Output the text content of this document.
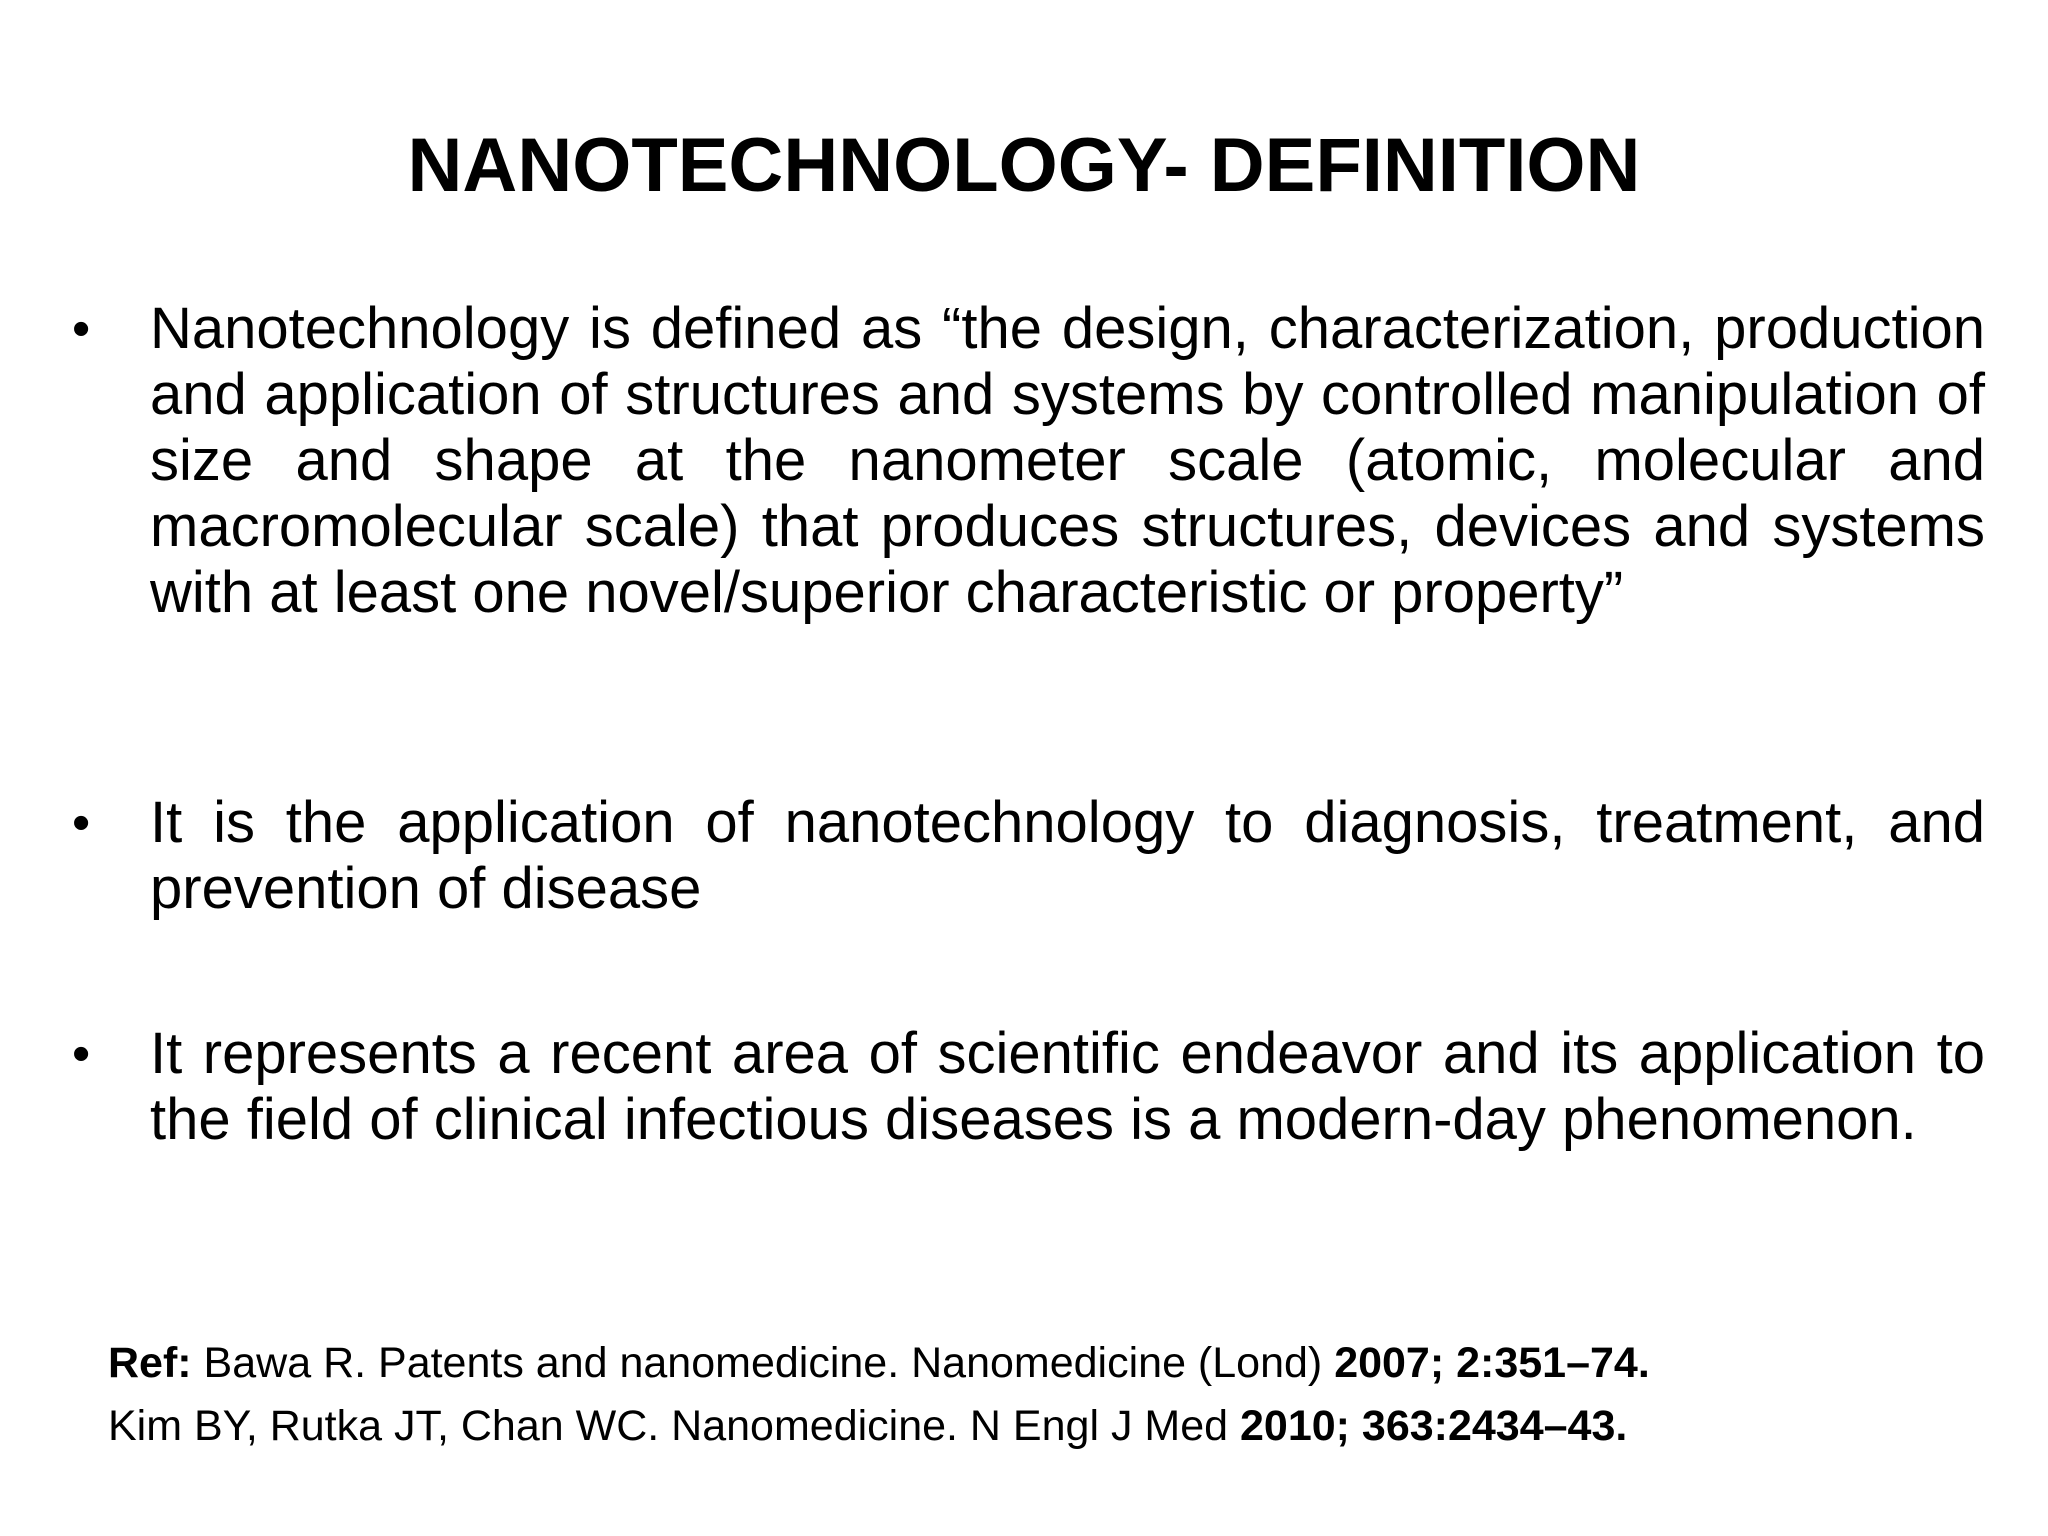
NANOTECHNOLOGY- DEFINITION
• Nanotechnology is defined as “the design, characterization, production and application of structures and systems by controlled manipulation of size and shape at the nanometer scale (atomic, molecular and macromolecular scale) that produces structures, devices and systems with at least one novel/superior characteristic or property”
• It is the application of nanotechnology to diagnosis, treatment, and prevention of disease
• It represents a recent area of scientific endeavor and its application to the field of clinical infectious diseases is a modern-day phenomenon.
Ref: Bawa R. Patents and nanomedicine. Nanomedicine (Lond) 2007; 2:351–74.
Kim BY, Rutka JT, Chan WC. Nanomedicine. N Engl J Med 2010; 363:2434–43.
